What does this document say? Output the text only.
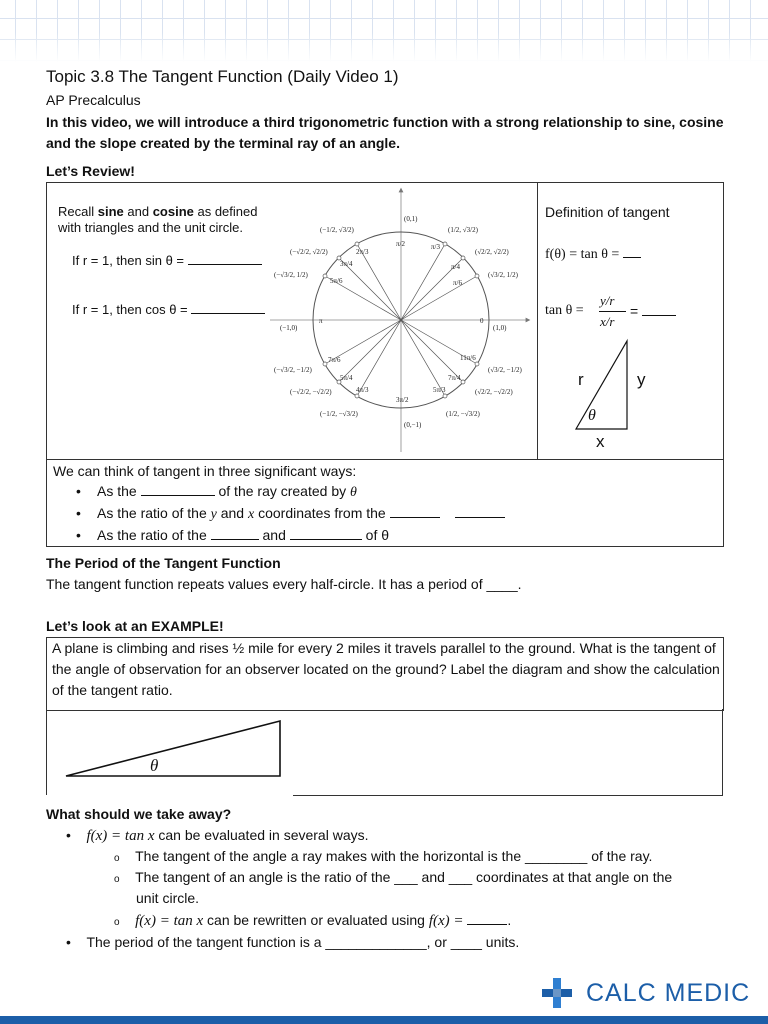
Topic 3.8 The Tangent Function (Daily Video 1)
AP Precalculus
In this video, we will introduce a third trigonometric function with a strong relationship to sine, cosine and the slope created by the terminal ray of an angle.
Let’s Review!
Recall sine and cosine as defined
with triangles and the unit circle.
If r = 1, then sin θ =
If r = 1, then cos θ =
(0,1)
(0,−1)
(−1,0)	(1,0)
π	0
π/6
π/4
π/3
π/2
2π/3
3π/4
5π/6
7π/6
5π/4
4π/3
3π/2
5π/3
7π/4
11π/6
(√3/2, 1/2)
(√2/2, √2/2)
(1/2, √3/2)
(−1/2, √3/2)
(−√2/2, √2/2)
(−√3/2, 1/2)
(−√3/2, −1/2)
(−√2/2, −√2/2)
(−1/2, −√3/2)	(1/2, −√3/2)
(√2/2, −√2/2)
(√3/2, −1/2)
Definition of tangent
f(θ) = tan θ =
tan θ =
y/r
x/r
=
r	y
θ
x
We can think of tangent in three significant ways:
• As the	of the ray created by θ
• As the ratio of the y and x coordinates from the
• As the ratio of the	and	of θ
The Period of the Tangent Function
The tangent function repeats values every half-circle. It has a period of ____.
Let’s look at an EXAMPLE!
A plane is climbing and rises ½ mile for every 2 miles it travels parallel to the ground. What is the tangent of the angle of observation for an observer located on the ground? Label the diagram and show the calculation of the tangent ratio.
θ
What should we take away?
•    f(x) = tan x can be evaluated in several ways.
o The tangent of the angle a ray makes with the horizontal is the ________ of the ray.
o The tangent of an angle is the ratio of the ___ and ___ coordinates at that angle on the
unit circle.
o f(x) = tan x can be rewritten or evaluated using f(x) =	.
•    The period of the tangent function is a _____________, or ____ units.
CALC MEDIC
